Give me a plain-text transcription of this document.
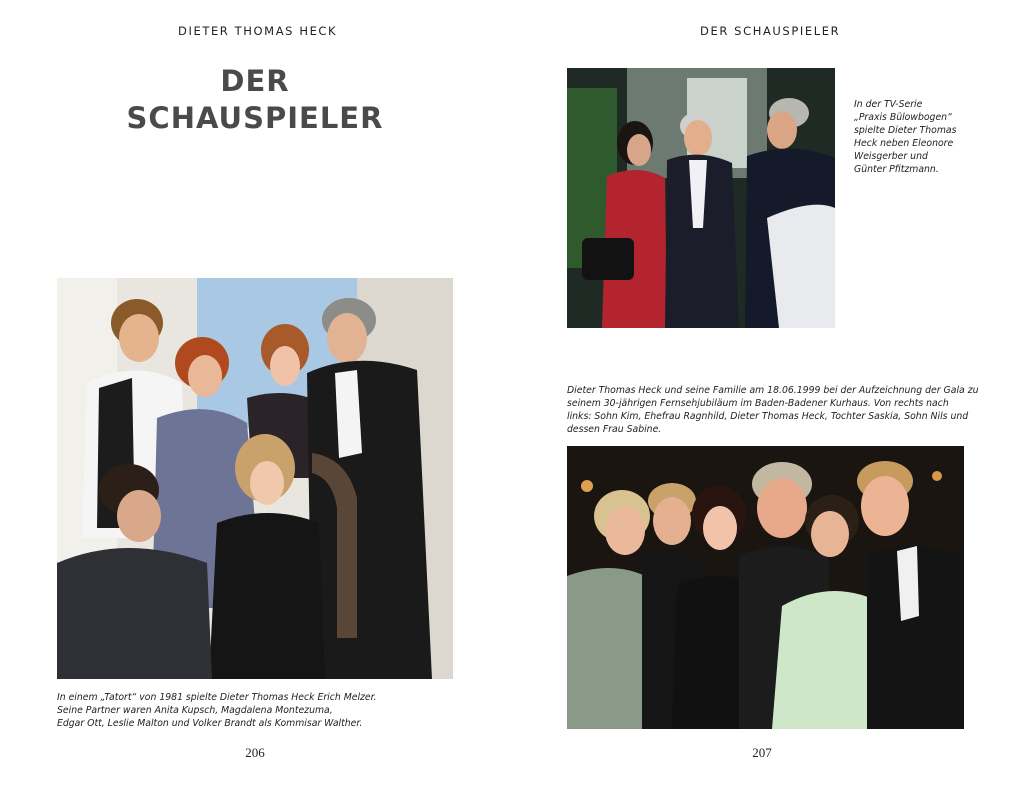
DIETER THOMAS HECK
DER
SCHAUSPIELER
In einem „Tatort“ von 1981 spielte Dieter Thomas Heck Erich Melzer.
Seine Partner waren Anita Kupsch, Magdalena Montezuma,
Edgar Ott, Leslie Malton und Volker Brandt als Kommisar Walther.
206
DER SCHAUSPIELER
In der TV-Serie
„Praxis Bülowbogen“
spielte Dieter Thomas
Heck neben Eleonore
Weisgerber und
Günter Pfitzmann.
Dieter Thomas Heck und seine Familie am 18.06.1999 bei der Aufzeichnung der Gala zu
seinem 30-jährigen Fernsehjubiläum im Baden-Badener Kurhaus. Von rechts nach
links: Sohn Kim, Ehefrau Ragnhild, Dieter Thomas Heck, Tochter Saskia, Sohn Nils und
dessen Frau Sabine.
207
